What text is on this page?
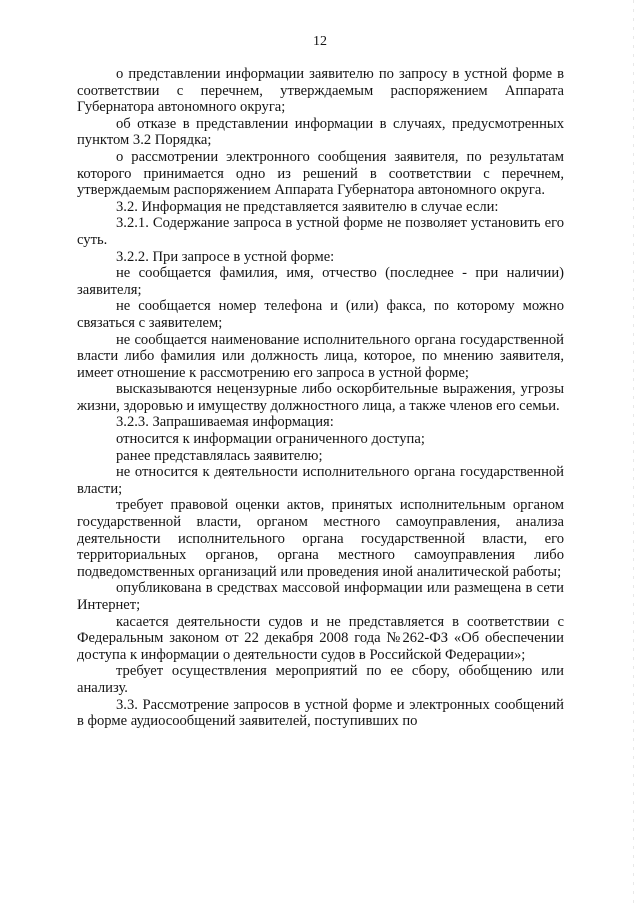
12

о представлении информации заявителю по запросу в устной форме в соответствии с перечнем, утверждаемым распоряжением Аппарата Губернатора автономного округа;

об отказе в представлении информации в случаях, предусмотренных пунктом 3.2 Порядка;

о рассмотрении электронного сообщения заявителя, по результатам которого принимается одно из решений в соответствии с перечнем, утверждаемым распоряжением Аппарата Губернатора автономного округа.

3.2. Информация не представляется заявителю в случае если:

3.2.1. Содержание запроса в устной форме не позволяет установить его суть.

3.2.2. При запросе в устной форме:

не сообщается фамилия, имя, отчество (последнее - при наличии) заявителя;

не сообщается номер телефона и (или) факса, по которому можно связаться с заявителем;

не сообщается наименование исполнительного органа государственной власти либо фамилия или должность лица, которое, по мнению заявителя, имеет отношение к рассмотрению его запроса в устной форме;

высказываются нецензурные либо оскорбительные выражения, угрозы жизни, здоровью и имуществу должностного лица, а также членов его семьи.

3.2.3. Запрашиваемая информация:

относится к информации ограниченного доступа;

ранее представлялась заявителю;

не относится к деятельности исполнительного органа государственной власти;

требует правовой оценки актов, принятых исполнительным органом государственной власти, органом местного самоуправления, анализа деятельности исполнительного органа государственной власти, его территориальных органов, органа местного самоуправления либо подведомственных организаций или проведения иной аналитической работы;

опубликована в средствах массовой информации или размещена в сети Интернет;

касается деятельности судов и не представляется в соответствии с Федеральным законом от 22 декабря 2008 года №262-ФЗ «Об обеспечении доступа к информации о деятельности судов в Российской Федерации»;

требует осуществления мероприятий по ее сбору, обобщению или анализу.

3.3. Рассмотрение запросов в устной форме и электронных сообщений в форме аудиосообщений заявителей, поступивших по
